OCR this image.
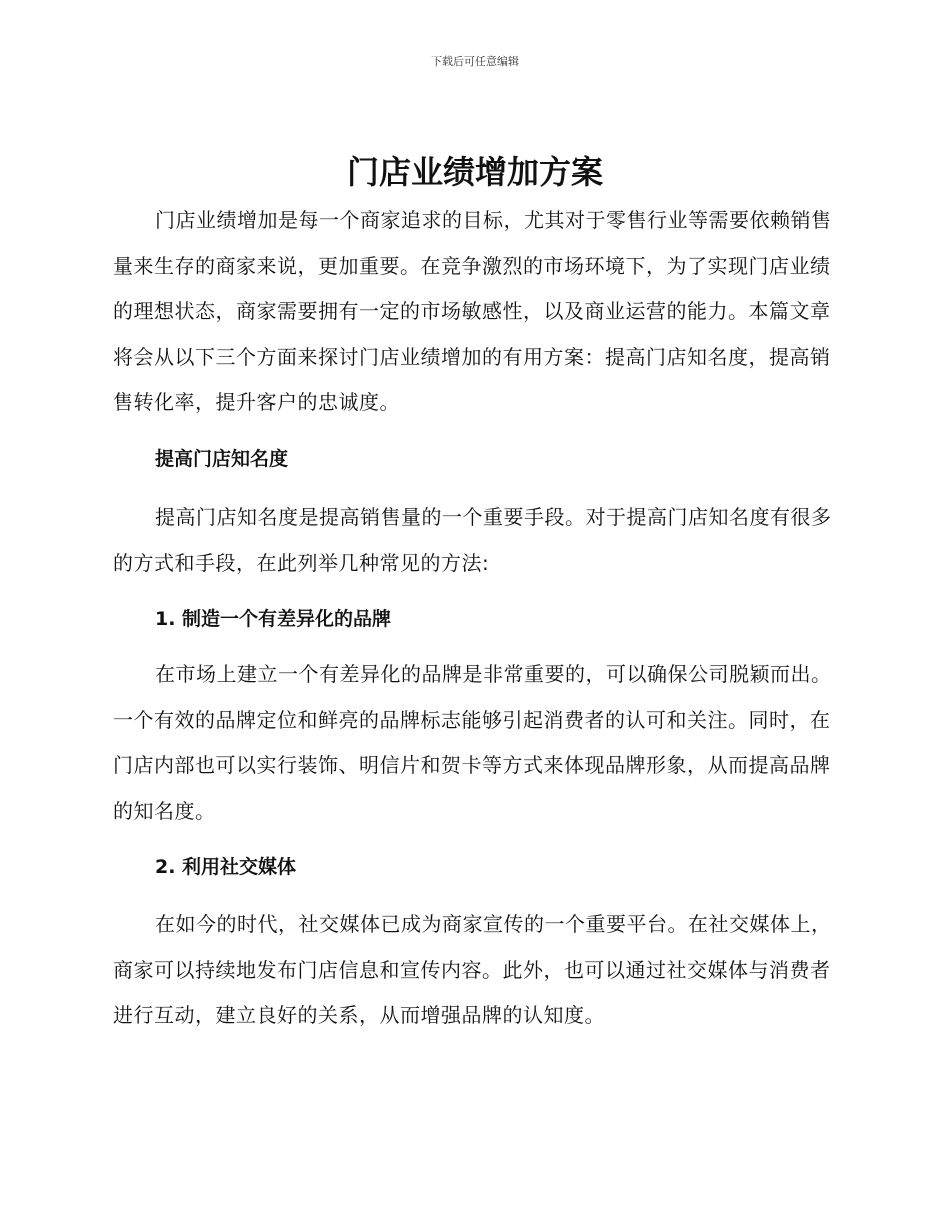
下载后可任意编辑
门店业绩增加方案

门店业绩增加是每一个商家追求的目标，尤其对于零售行业等需要依赖销售量来生存的商家来说，更加重要。在竞争激烈的市场环境下，为了实现门店业绩的理想状态，商家需要拥有一定的市场敏感性，以及商业运营的能力。本篇文章将会从以下三个方面来探讨门店业绩增加的有用方案：提高门店知名度，提高销售转化率，提升客户的忠诚度。

提高门店知名度

提高门店知名度是提高销售量的一个重要手段。对于提高门店知名度有很多的方式和手段，在此列举几种常见的方法:

1. 制造一个有差异化的品牌

在市场上建立一个有差异化的品牌是非常重要的，可以确保公司脱颖而出。一个有效的品牌定位和鲜亮的品牌标志能够引起消费者的认可和关注。同时，在门店内部也可以实行装饰、明信片和贺卡等方式来体现品牌形象，从而提高品牌的知名度。

2. 利用社交媒体

在如今的时代，社交媒体已成为商家宣传的一个重要平台。在社交媒体上，商家可以持续地发布门店信息和宣传内容。此外，也可以通过社交媒体与消费者进行互动，建立良好的关系，从而增强品牌的认知度。
